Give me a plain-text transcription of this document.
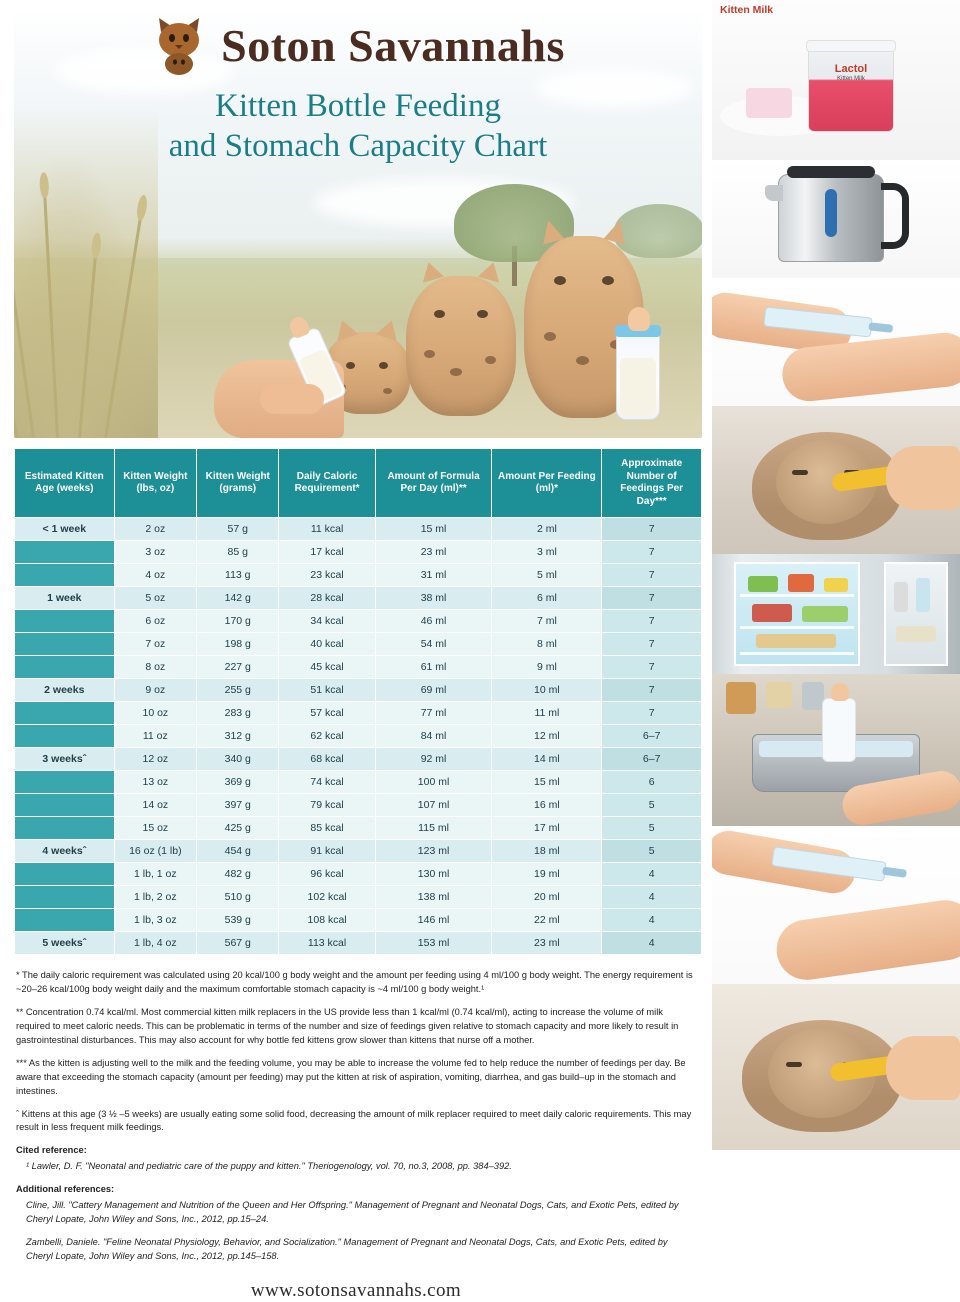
Soton Savannahs
Kitten Bottle Feeding
and Stomach Capacity Chart
Estimated Kitten Age (weeks)	Kitten Weight (lbs, oz)	Kitten Weight (grams)	Daily Caloric Requirement*	Amount of Formula Per Day (ml)**	Amount Per Feeding (ml)*	Approximate Number of Feedings Per Day***
< 1 week	2 oz	57 g	11 kcal	15 ml	2 ml	7
	3 oz	85 g	17 kcal	23 ml	3 ml	7
	4 oz	113 g	23 kcal	31 ml	5 ml	7
1 week	5 oz	142 g	28 kcal	38 ml	6 ml	7
	6 oz	170 g	34 kcal	46 ml	7 ml	7
	7 oz	198 g	40 kcal	54 ml	8 ml	7
	8 oz	227 g	45 kcal	61 ml	9 ml	7
2 weeks	9 oz	255 g	51 kcal	69 ml	10 ml	7
	10 oz	283 g	57 kcal	77 ml	11 ml	7
	11 oz	312 g	62 kcal	84 ml	12 ml	6–7
3 weeksˆ	12 oz	340 g	68 kcal	92 ml	14 ml	6–7
	13 oz	369 g	74 kcal	100 ml	15 ml	6
	14 oz	397 g	79 kcal	107 ml	16 ml	5
	15 oz	425 g	85 kcal	115 ml	17 ml	5
4 weeksˆ	16 oz (1 lb)	454 g	91 kcal	123 ml	18 ml	5
	1 lb, 1 oz	482 g	96 kcal	130 ml	19 ml	4
	1 lb, 2 oz	510 g	102 kcal	138 ml	20 ml	4
	1 lb, 3 oz	539 g	108 kcal	146 ml	22 ml	4
5 weeksˆ	1 lb, 4 oz	567 g	113 kcal	153 ml	23 ml	4

* The daily caloric requirement was calculated using 20 kcal/100 g body weight and the amount per feeding using 4 ml/100 g body weight. The energy requirement is ~20–26 kcal/100g body weight daily and the maximum comfortable stomach capacity is ~4 ml/100 g body weight.¹

** Concentration 0.74 kcal/ml. Most commercial kitten milk replacers in the US provide less than 1 kcal/ml (0.74 kcal/ml), acting to increase the volume of milk required to meet caloric needs. This can be problematic in terms of the number and size of feedings given relative to stomach capacity and more likely to result in gastrointestinal disturbances. This may also account for why bottle fed kittens grow slower than kittens that nurse off a mother.

*** As the kitten is adjusting well to the milk and the feeding volume, you may be able to increase the volume fed to help reduce the number of feedings per day. Be aware that exceeding the stomach capacity (amount per feeding) may put the kitten at risk of aspiration, vomiting, diarrhea, and gas build–up in the stomach and intestines.

ˆ Kittens at this age (3 ½ –5 weeks) are usually eating some solid food, decreasing the amount of milk replacer required to meet daily caloric requirements. This may result in less frequent milk feedings.

Cited reference:

¹ Lawler, D. F. "Neonatal and pediatric care of the puppy and kitten." Theriogenology, vol. 70, no.3, 2008, pp. 384–392.

Additional references:

Cline, Jill. "Cattery Management and Nutrition of the Queen and Her Offspring." Management of Pregnant and Neonatal Dogs, Cats, and Exotic Pets, edited by Cheryl Lopate, John Wiley and Sons, Inc., 2012, pp.15–24.

Zambelli, Daniele. "Feline Neonatal Physiology, Behavior, and Socialization." Management of Pregnant and Neonatal Dogs, Cats, and Exotic Pets, edited by Cheryl Lopate, John Wiley and Sons, Inc., 2012, pp.145–158.

www.sotonsavannahs.com
Kitten Milk
Lactol
Kitten Milk
